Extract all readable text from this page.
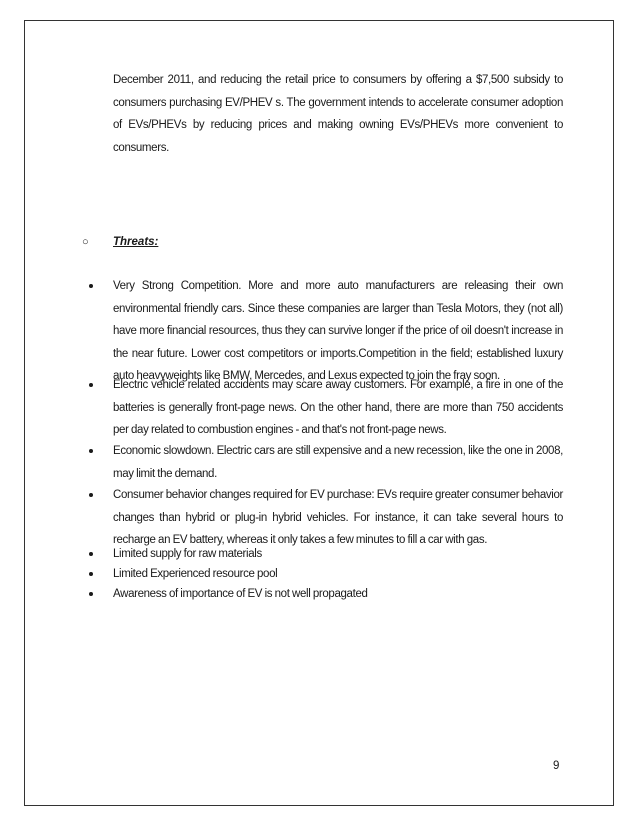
December 2011, and reducing the retail price to consumers by offering a $7,500 subsidy to consumers purchasing EV/PHEV s. The government intends to accelerate consumer adoption of EVs/PHEVs by reducing prices and making owning EVs/PHEVs more convenient to consumers.

○ Threats:
Very Strong Competition. More and more auto manufacturers are releasing their own environmental friendly cars. Since these companies are larger than Tesla Motors, they (not all) have more financial resources, thus they can survive longer if the price of oil doesn't increase in the near future. Lower cost competitors or imports.Competition in the field; established luxury auto heavyweights like BMW, Mercedes, and Lexus expected to join the fray soon.
Electric vehicle related accidents may scare away customers. For example, a fire in one of the batteries is generally front-page news. On the other hand, there are more than 750 accidents per day related to combustion engines - and that's not front-page news.
Economic slowdown. Electric cars are still expensive and a new recession, like the one in 2008, may limit the demand.
Consumer behavior changes required for EV purchase: EVs require greater consumer behavior changes than hybrid or plug-in hybrid vehicles. For instance, it can take several hours to recharge an EV battery, whereas it only takes a few minutes to fill a car with gas.
Limited supply for raw materials
Limited Experienced resource pool
Awareness of importance of EV is not well propagated
9
